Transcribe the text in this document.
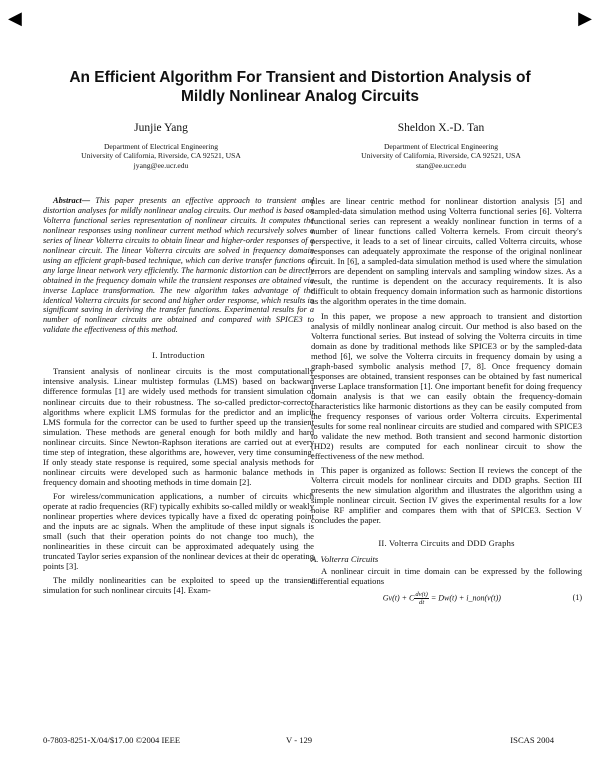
◀	▶
An Efficient Algorithm For Transient and Distortion Analysis of
Mildly Nonlinear Analog Circuits
Junjie Yang
Department of Electrical Engineering
University of California, Riverside, CA 92521, USA
jyang@ee.ucr.edu
Sheldon X.-D. Tan
Department of Electrical Engineering
University of California, Riverside, CA 92521, USA
stan@ee.ucr.edu

Abstract— This paper presents an effective approach to transient and distortion analyses for mildly nonlinear analog circuits. Our method is based on Volterra functional series representation of nonlinear circuits. It computes the nonlinear responses using nonlinear current method which recursively solves a series of linear Volterra circuits to obtain linear and higher-order responses of a nonlinear circuit. The linear Volterra circuits are solved in frequency domain using an efficient graph-based technique, which can derive transfer functions of any large linear network very efficiently. The harmonic distortion can be directly obtained in the frequency domain while the transient responses are obtained via inverse Laplace transformation. The new algorithm takes advantage of the identical Volterra circuits for second and higher order response, which results in significant saving in deriving the transfer functions. Experimental results for a number of nonlinear circuits are obtained and compared with SPICE3 to validate the effectiveness of this method.

I. Introduction

Transient analysis of nonlinear circuits is the most computationally intensive analysis. Linear multistep formulas (LMS) based on backward difference formulas [1] are widely used methods for transient simulation of nonlinear circuits due to their robustness. The so-called predictor-corrector algorithms where explicit LMS formulas for the predictor and an implicit LMS formula for the corrector can be used to further speed up the transient simulation. These methods are general enough for both mildly and hard nonlinear circuits. Since Newton-Raphson iterations are carried out at every time step of integration, these algorithms are, however, very time consuming. If only steady state response is required, some special analysis methods for nonlinear circuits were developed such as harmonic balance methods in frequency domain and shooting methods in time domain [2].

For wireless/communication applications, a number of circuits which operate at radio frequencies (RF) typically exhibits so-called mildly or weakly nonlinear properties where devices typically have a fixed dc operating point and the inputs are ac signals. When the amplitude of these input signals is small (such that their operation points do not change too much), the nonlinearities in these circuit can be approximated adequately using the truncated Taylor series expansion of the nonlinear devices at their dc operating points [3].

The mildly nonlinearities can be exploited to speed up the transient simulation for such nonlinear circuits [4]. Exam-

ples are linear centric method for nonlinear distortion analysis [5] and sampled-data simulation method using Volterra functional series [6]. Volterra functional series can represent a weakly nonlinear function in terms of a number of linear functions called Volterra kernels. From circuit theory's perspective, it leads to a set of linear circuits, called Volterra circuits, whose responses can adequately approximate the response of the original nonlinear circuit. In [6], a sampled-data simulation method is used where the simulation errors are dependent on sampling intervals and sampling window sizes. As a result, the runtime is dependent on the accuracy requirements. It is also difficult to obtain frequency domain information such as harmonic distortions as the algorithm operates in the time domain.

In this paper, we propose a new approach to transient and distortion analysis of mildly nonlinear analog circuit. Our method is also based on the Volterra functional series. But instead of solving the Volterra circuits in time domain as done by traditional methods like SPICE3 or by the sampled-data method [6], we solve the Volterra circuits in frequency domain by using a graph-based symbolic analysis method [7, 8]. Once frequency domain responses are obtained, transient responses can be obtained by fast numerical inverse Laplace transformation [1]. One important benefit for doing frequency domain analysis is that we can easily obtain the frequency-domain characteristics like harmonic distortions as they can be easily computed from the frequency responses of various order Volterra circuits. Experimental results for some real nonlinear circuits are studied and compared with SPICE3 to validate the new method. Both transient and second harmonic distortion (HD2) results are computed for each nonlinear circuit to show the effectiveness of the new method.

This paper is organized as follows: Section II reviews the concept of the Volterra circuit models for nonlinear circuits and DDD graphs. Section III presents the new simulation algorithm and illustrates the algorithm using a simple nonlinear circuit. Section IV gives the experimental results for a low noise RF amplifier and compares them with that of SPICE3. Section V concludes the paper.

II. Volterra Circuits and DDD Graphs
A. Volterra Circuits

A nonlinear circuit in time domain can be expressed by the following differential equations

Gv(t) + C $\frac{dv(t)}{dt} = Dw(t)$ + i_non(v(t))	(1)
0-7803-8251-X/04/$17.00 ©2004 IEEE	V - 129	ISCAS 2004
